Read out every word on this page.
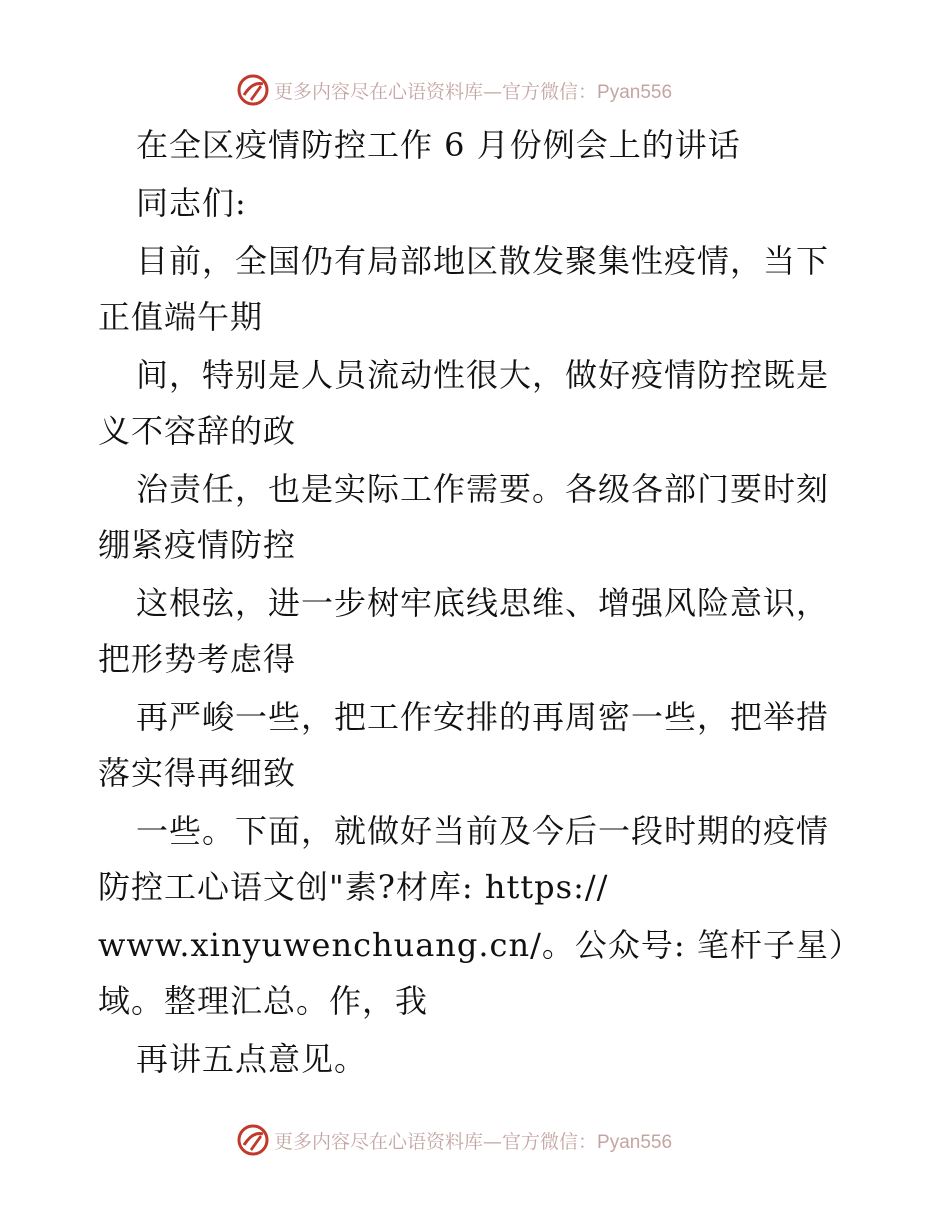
更多内容尽在心语资料库—官方微信：Pyan556
在全区疫情防控工作 6 月份例会上的讲话
同志们:
目前，全国仍有局部地区散发聚集性疫情，当下
正值端午期
间，特别是人员流动性很大，做好疫情防控既是
义不容辞的政
治责任，也是实际工作需要。各级各部门要时刻
绷紧疫情防控
这根弦，进一步树牢底线思维、增强风险意识，
把形势考虑得
再严峻一些，把工作安排的再周密一些，把举措
落实得再细致
一些。下面，就做好当前及今后一段时期的疫情
防控工心语文创"素?材库: https://
www.xinyuwenchuang.cn/。公众号: 笔杆子星）
域。整理汇总。作，我
再讲五点意见。
更多内容尽在心语资料库—官方微信：Pyan556
